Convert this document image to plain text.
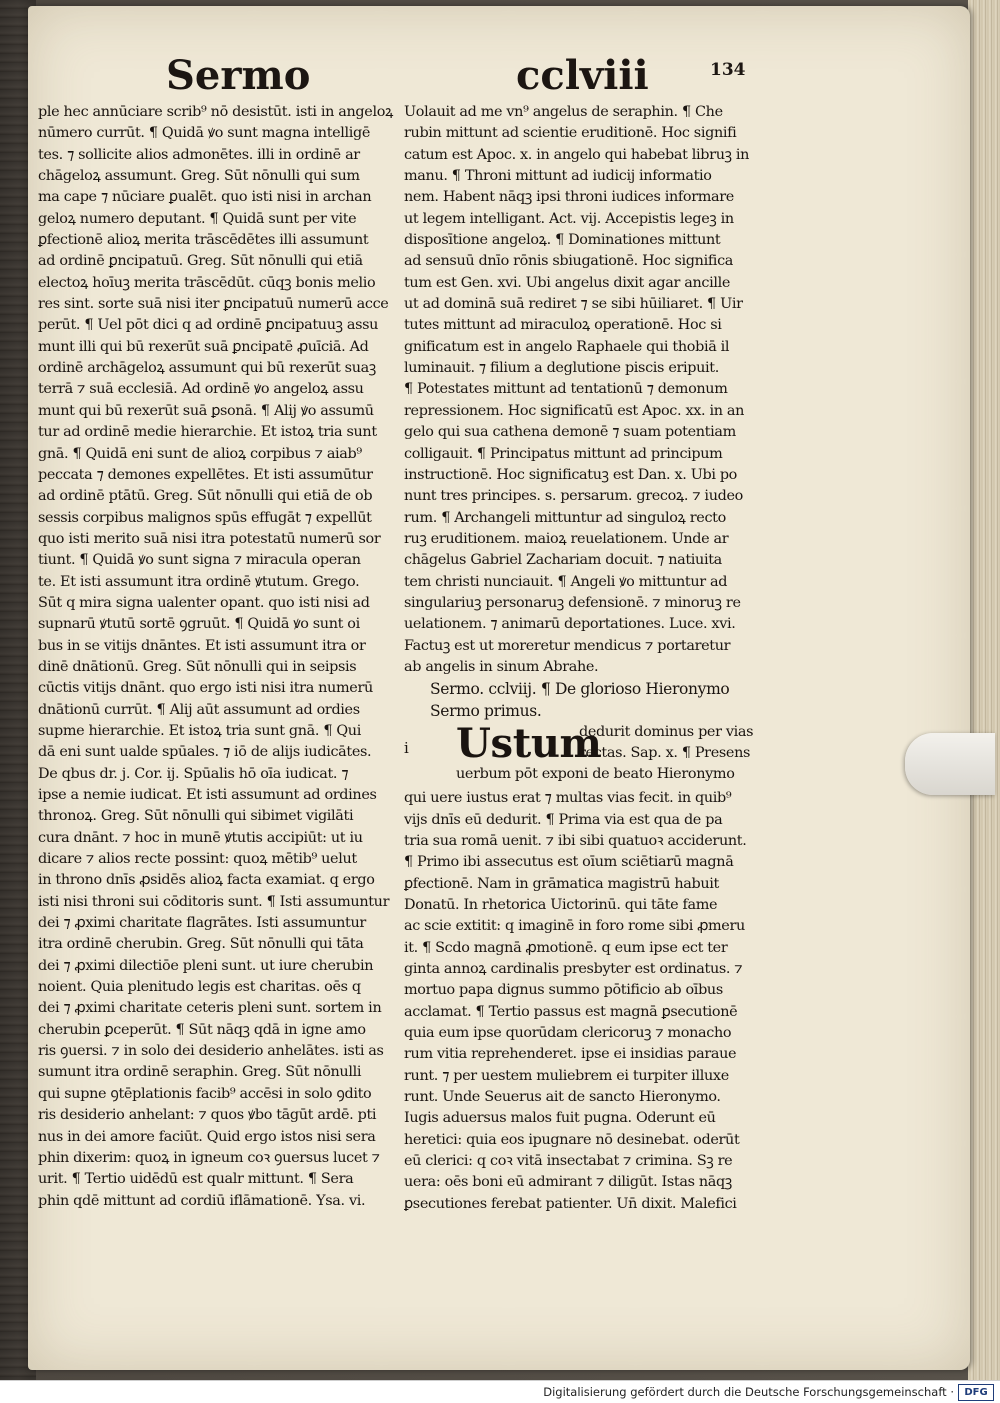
Sermo	cclviii	134
ple hec annūciare scrib⁹ nō desistūt. isti in angeloꝝ
nūmero currūt. ¶ Quidā ꝟo sunt magna intelligē
tes. ⁊ sollicite alios admonētes. illi in ordinē ar
chāgeloꝝ assumunt. Greg. Sūt nōnulli qui sum
ma cape ⁊ nūciare ꝑualēt. quo isti nisi in archan
geloꝝ numero deputant. ¶ Quidā sunt per vite
ꝑfectionē alioꝝ merita trāscēdētes illi assumunt
ad ordinē ꝑncipatuū. Greg. Sūt nōnulli qui etiā
electoꝝ hoīuꝫ merita trāscēdūt. cūqꝫ bonis melio
res sint. sorte suā nisi iter ꝑncipatuū numerū acce
perūt. ¶ Uel pōt dici q ad ordinē ꝑncipatuuꝫ assu
munt illi qui bū rexerūt suā ꝑncipatē ꝓuīciā. Ad
ordinē archāgeloꝝ assumunt qui bū rexerūt suaꝫ
terrā ⁊ suā ecclesiā. Ad ordinē ꝟo angeloꝝ assu
munt qui bū rexerūt suā ꝑsonā. ¶ Alij ꝟo assumū
tur ad ordinē medie hierarchie. Et istoꝝ tria sunt
gnā. ¶ Quidā eni sunt de alioꝝ corpibus ⁊ aiab⁹
peccata ⁊ demones expellētes. Et isti assumūtur
ad ordinē ptātū. Greg. Sūt nōnulli qui etiā de ob
sessis corpibus malignos spūs effugāt ⁊ expellūt
quo isti merito suā nisi itra potestatū numerū sor
tiunt. ¶ Quidā ꝟo sunt signa ⁊ miracula operan
te. Et isti assumunt itra ordinē ꝟtutum. Grego.
Sūt q mira signa ualenter opant. quo isti nisi ad
supnarū ꝟtutū sortē ꝯgruūt. ¶ Quidā ꝟo sunt oi
bus in se vitijs dnāntes. Et isti assumunt itra or
dinē dnātionū. Greg. Sūt nōnulli qui in seipsis
cūctis vitijs dnānt. quo ergo isti nisi itra numerū
dnātionū currūt. ¶ Alij aūt assumunt ad ordies
supme hierarchie. Et istoꝝ tria sunt gnā. ¶ Qui
dā eni sunt ualde spūales. ⁊ iō de alijs iudicātes.
De qbus dr. j. Cor. ij. Spūalis hō oīa iudicat. ⁊
ipse a nemie iudicat. Et isti assumunt ad ordines
thronoꝝ. Greg. Sūt nōnulli qui sibimet vigilāti
cura dnānt. ⁊ hoc in munē ꝟtutis accipiūt: ut iu
dicare ⁊ alios recte possint: quoꝝ mētib⁹ uelut
in throno dnīs ꝓsidēs alioꝝ facta examiat. q ergo
isti nisi throni sui cōditoris sunt. ¶ Isti assumuntur
dei ⁊ ꝓximi charitate flagrātes. Isti assumuntur
itra ordinē cherubin. Greg. Sūt nōnulli qui tāta
dei ⁊ ꝓximi dilectiōe pleni sunt. ut iure cherubin
noient. Quia plenitudo legis est charitas. oēs q
dei ⁊ ꝓximi charitate ceteris pleni sunt. sortem in
cherubin ꝑceperūt. ¶ Sūt nāqꝫ qdā in igne amo
ris ꝯuersi. ⁊ in solo dei desiderio anhelātes. isti as
sumunt itra ordinē seraphin. Greg. Sūt nōnulli
qui supne ꝯtēplationis facib⁹ accēsi in solo ꝯdito
ris desiderio anhelant: ⁊ quos ꝟbo tāgūt ardē. pti
nus in dei amore faciūt. Quid ergo istos nisi sera
phin dixerim: quoꝝ in igneum coꝛ ꝯuersus lucet ⁊
urit. ¶ Tertio uidēdū est qualr mittunt. ¶ Sera
phin qdē mittunt ad cordiū iflāmationē. Ysa. vi.
Uolauit ad me vn⁹ angelus de seraphin. ¶ Che
rubin mittunt ad scientie eruditionē. Hoc signifi
catum est Apoc. x. in angelo qui habebat libruꝫ in
manu. ¶ Throni mittunt ad iudicij informatio
nem. Habent nāqꝫ ipsi throni iudices informare
ut legem intelligant. Act. vij. Accepistis legeꝫ in
disposītione angeloꝝ. ¶ Dominationes mittunt
ad sensuū dnīo rōnis sbiugationē. Hoc significa
tum est Gen. xvi. Ubi angelus dixit agar ancille
ut ad dominā suā rediret ⁊ se sibi hūiliaret. ¶ Uir
tutes mittunt ad miraculoꝝ operationē. Hoc si
gnificatum est in angelo Raphaele qui thobiā il
luminauit. ⁊ filium a deglutione piscis eripuit.
¶ Potestates mittunt ad tentationū ⁊ demonum
repressionem. Hoc significatū est Apoc. xx. in an
gelo qui sua cathena demonē ⁊ suam potentiam
colligauit. ¶ Principatus mittunt ad principum
instructionē. Hoc significatuꝫ est Dan. x. Ubi po
nunt tres principes. s. persarum. grecoꝝ. ⁊ iudeo
rum. ¶ Archangeli mittuntur ad singuloꝝ recto
ruꝫ eruditionem. maioꝝ reuelationem. Unde ar
chāgelus Gabriel Zachariam docuit. ⁊ natiuita
tem christi nunciauit. ¶ Angeli ꝟo mittuntur ad
singulariuꝫ personaruꝫ defensionē. ⁊ minoruꝫ re
uelationem. ⁊ animarū deportationes. Luce. xvi.
Factuꝫ est ut moreretur mendicus ⁊ portaretur
ab angelis in sinum Abrahe.
Sermo. cclviij. ¶ De glorioso Hieronymo
Sermo primus.
i Ustum
dedurit dominus per vias
rectas. Sap. x. ¶ Presens
uerbum pōt exponi de beato Hieronymo
qui uere iustus erat ⁊ multas vias fecit. in quib⁹
vijs dnīs eū dedurit. ¶ Prima via est qua de pa
tria sua romā uenit. ⁊ ibi sibi quatuoꝛ acciderunt.
¶ Primo ibi assecutus est oīum sciētiarū magnā
ꝑfectionē. Nam in grāmatica magistrū habuit
Donatū. In rhetorica Uictorinū. qui tāte fame
ac scie extitit: q imaginē in foro rome sibi ꝓmeru
it. ¶ Scdo magnā ꝓmotionē. q eum ipse ect ter
ginta annoꝝ cardinalis presbyter est ordinatus. ⁊
mortuo papa dignus summo pōtificio ab oībus
acclamat. ¶ Tertio passus est magnā ꝑsecutionē
quia eum ipse quorūdam clericoruꝫ ⁊ monacho
rum vitia reprehenderet. ipse ei insidias paraue
runt. ⁊ per uestem muliebrem ei turpiter illuxe
runt. Unde Seuerus ait de sancto Hieronymo.
Iugis aduersus malos fuit pugna. Oderunt eū
heretici: quia eos ipugnare nō desinebat. oderūt
eū clerici: q coꝛ vitā insectabat ⁊ crimina. Sꝫ re
uera: oēs boni eū admirant ⁊ diligūt. Istas nāqꝫ
ꝑsecutiones ferebat patienter. Un̄ dixit. Malefici
Digitalisierung gefördert durch die Deutsche Forschungsgemeinschaft ·	DFG
